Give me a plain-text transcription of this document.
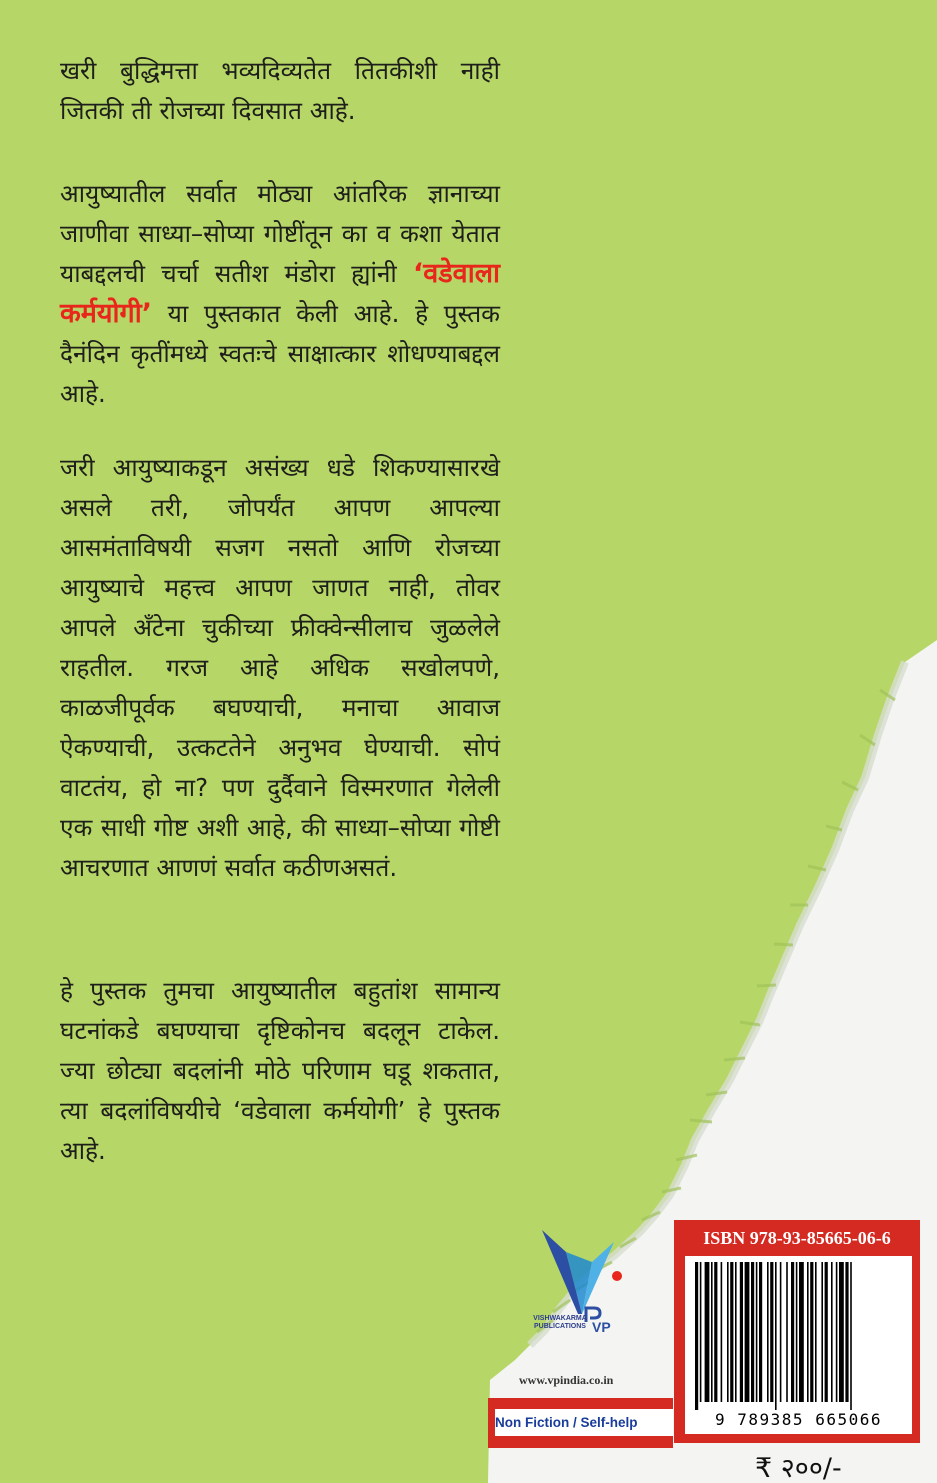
खरी बुद्धिमत्ता भव्यदिव्यतेत तितकीशी नाही जितकी ती रोजच्या दिवसात आहे.
आयुष्यातील सर्वात मोठ्या आंतरिक ज्ञानाच्या जाणीवा साध्या–सोप्या गोष्टींतून का व कशा येतात याबद्दलची चर्चा सतीश मंडोरा ह्यांनी ‘वडेवाला कर्मयोगी’ या पुस्तकात केली आहे. हे पुस्तक दैनंदिन कृतींमध्ये स्वतःचे साक्षात्कार शोधण्याबद्दल आहे.
जरी आयुष्याकडून असंख्य धडे शिकण्यासारखे असले तरी, जोपर्यंत आपण आपल्या आसमंताविषयी सजग नसतो आणि रोजच्या आयुष्याचे महत्त्व आपण जाणत नाही, तोवर आपले अँटेना चुकीच्या फ्रीक्वेन्सीलाच जुळलेले राहतील. गरज आहे अधिक सखोलपणे, काळजीपूर्वक बघण्याची, मनाचा आवाज ऐकण्याची, उत्कटतेने अनुभव घेण्याची. सोपं वाटतंय, हो ना? पण दुर्दैवाने विस्मरणात गेलेली एक साधी गोष्ट अशी आहे, की साध्या–सोप्या गोष्टी आचरणात आणणं सर्वात कठीणअसतं.
हे पुस्तक तुमचा आयुष्यातील बहुतांश सामान्य घटनांकडे बघण्याचा दृष्टिकोनच बदलून टाकेल. ज्या छोट्या बदलांनी मोठे परिणाम घडू शकतात, त्या बदलांविषयीचे ‘वडेवाला कर्मयोगी’ हे पुस्तक आहे.
VP
VISHWAKARMA PUBLICATIONS
www.vpindia.co.in
Non Fiction / Self-help
ISBN 978-93-85665-06-6
9 789385 665066
₹ २००/-
